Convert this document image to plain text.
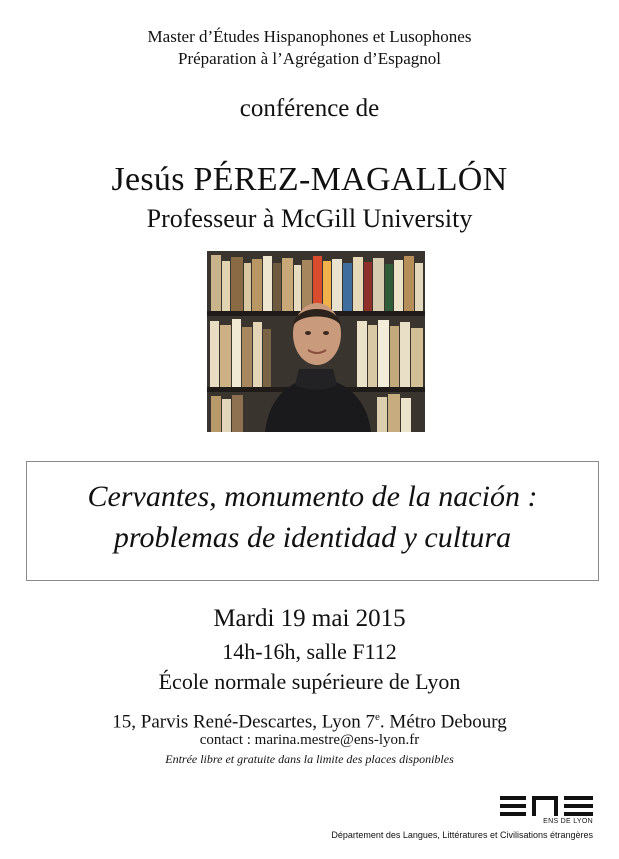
Master d’Études Hispanophones et Lusophones
Préparation à l’Agrégation d’Espagnol
conférence de
Jesús PÉREZ-MAGALLÓN
Professeur à McGill University
Cervantes, monumento de la nación :
problemas de identidad y cultura
Mardi 19 mai 2015
14h-16h, salle F112
École normale supérieure de Lyon
15, Parvis René-Descartes, Lyon 7e. Métro Debourg
contact : marina.mestre@ens-lyon.fr
Entrée libre et gratuite dans la limite des places disponibles
ENS DE LYON
Département des Langues, Littératures et Civilisations étrangères
